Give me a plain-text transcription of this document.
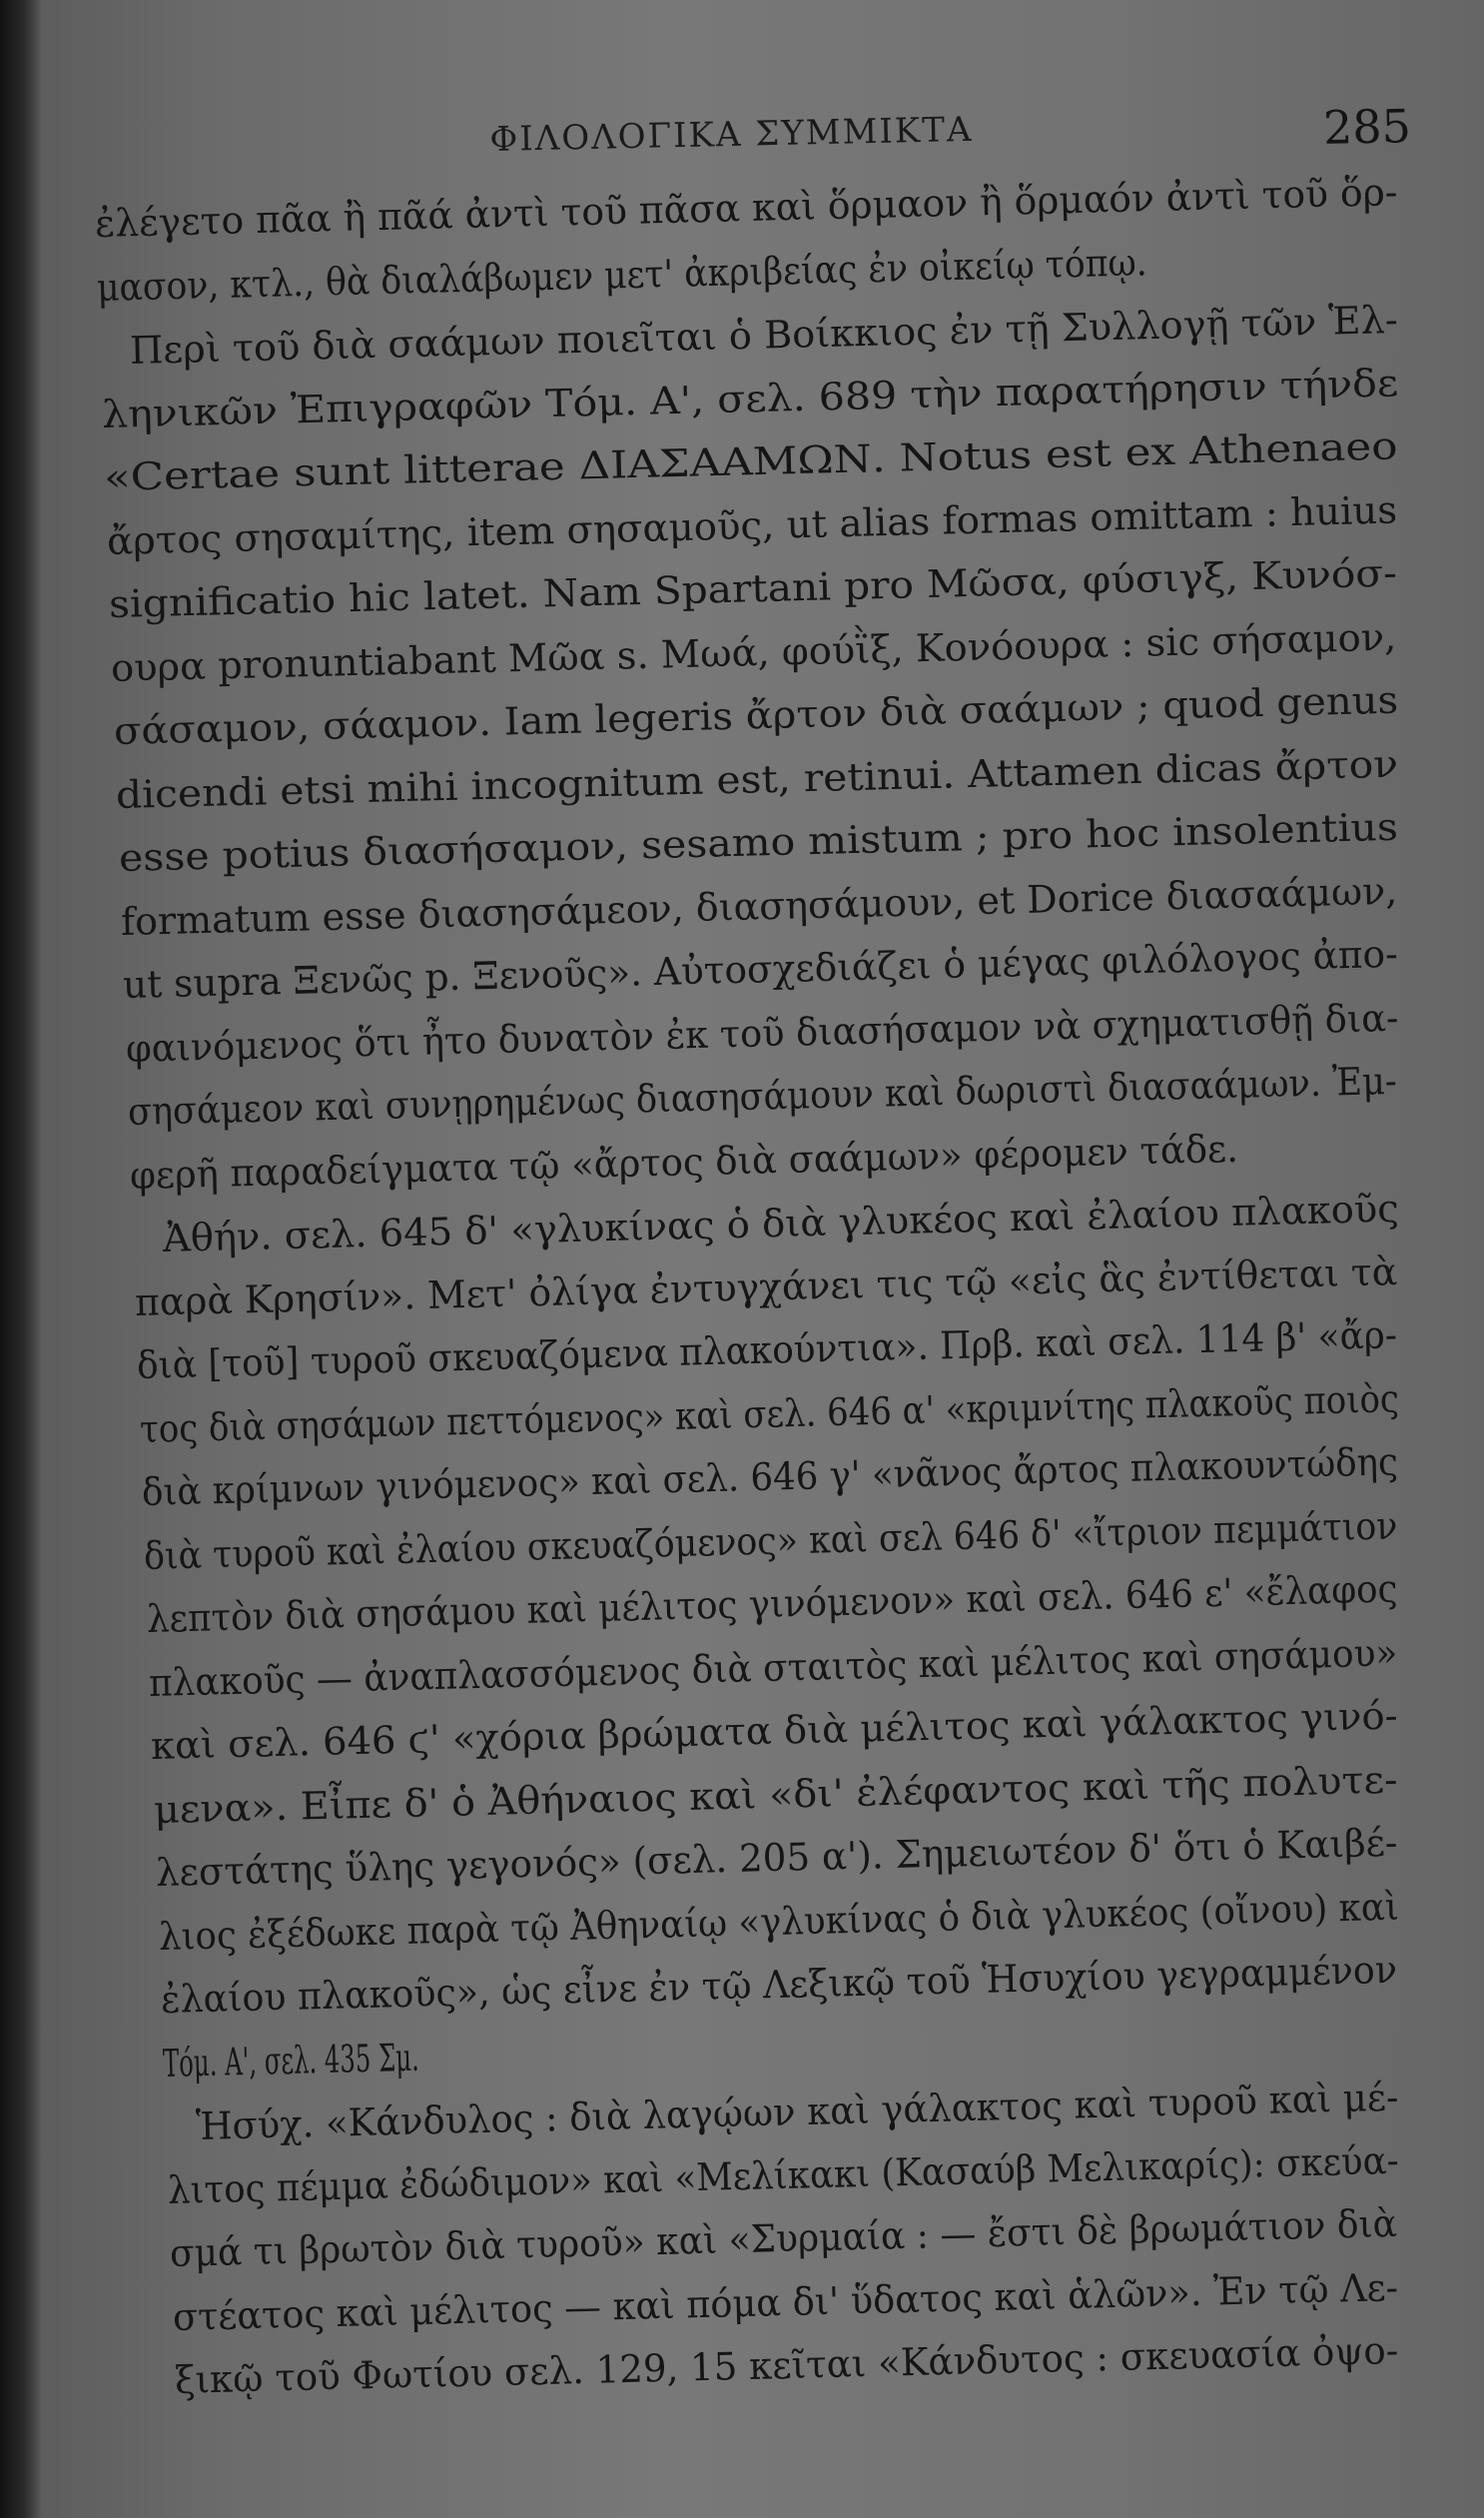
ΦΙΛΟΛΟΓΙΚΑ ΣΥΜΜΙΚΤΑ	285
ἐλέγετο πᾶα ἢ πᾶά ἀντὶ τοῦ πᾶσα καὶ ὅρμαον ἢ ὅρμαόν ἀντὶ τοῦ ὅρ-
μασον, κτλ., θὰ διαλάβωμεν μετ' ἀκριβείας ἐν οἰκείῳ τόπῳ.
Περὶ τοῦ διὰ σαάμων ποιεῖται ὁ Βοίκκιος ἐν τῇ Συλλογῇ τῶν Ἑλ-
ληνικῶν Ἐπιγραφῶν Τόμ. Α', σελ. 689 τὴν παρατήρησιν τήνδε
«Certae sunt litterae ΔΙΑΣΑΑΜΩΝ. Notus est ex Athenaeo
ἄρτος σησαμίτης, item σησαμοῦς, ut alias formas omittam : huius
significatio hic latet. Nam Spartani pro Μῶσα, φύσιγξ, Κυνόσ-
ουρα pronuntiabant Μῶα s. Μωά, φούῒξ, Κονόουρα : sic σήσαμον,
σάσαμον, σάαμον. Iam legeris ἄρτον διὰ σαάμων ; quod genus
dicendi etsi mihi incognitum est, retinui. Attamen dicas ἄρτον
esse potius διασήσαμον, sesamo mistum ; pro hoc insolentius
formatum esse διασησάμεον, διασησάμουν, et Dorice διασαάμων,
ut supra Ξενῶς p. Ξενοῦς». Αὐτοσχεδιάζει ὁ μέγας φιλόλογος ἀπο-
φαινόμενος ὅτι ἦτο δυνατὸν ἐκ τοῦ διασήσαμον νὰ σχηματισθῇ δια-
σησάμεον καὶ συνῃρημένως διασησάμουν καὶ δωριστὶ διασαάμων. Ἐμ-
φερῆ παραδείγματα τῷ «ἄρτος διὰ σαάμων» φέρομεν τάδε.
Ἀθήν. σελ. 645 δ' «γλυκίνας ὁ διὰ γλυκέος καὶ ἐλαίου πλακοῦς
παρὰ Κρησίν». Μετ' ὀλίγα ἐντυγχάνει τις τῷ «εἰς ἃς ἐντίθεται τὰ
διὰ [τοῦ] τυροῦ σκευαζόμενα πλακούντια». Πρβ. καὶ σελ. 114 β' «ἄρ-
τος διὰ σησάμων πεττόμενος» καὶ σελ. 646 α' «κριμνίτης πλακοῦς ποιὸς
διὰ κρίμνων γινόμενος» καὶ σελ. 646 γ' «νᾶνος ἄρτος πλακουντώδης
διὰ τυροῦ καὶ ἐλαίου σκευαζόμενος» καὶ σελ 646 δ' «ἴτριον πεμμάτιον
λεπτὸν διὰ σησάμου καὶ μέλιτος γινόμενον» καὶ σελ. 646 ε' «ἔλαφος
πλακοῦς — ἀναπλασσόμενος διὰ σταιτὸς καὶ μέλιτος καὶ σησάμου»
καὶ σελ. 646 ϛ' «χόρια βρώματα διὰ μέλιτος καὶ γάλακτος γινό-
μενα». Εἶπε δ' ὁ Ἀθήναιος καὶ «δι' ἐλέφαντος καὶ τῆς πολυτε-
λεστάτης ὕλης γεγονός» (σελ. 205 α'). Σημειωτέον δ' ὅτι ὁ Καιβέ-
λιος ἐξέδωκε παρὰ τῷ Ἀθηναίῳ «γλυκίνας ὁ διὰ γλυκέος (οἴνου) καὶ
ἐλαίου πλακοῦς», ὡς εἶνε ἐν τῷ Λεξικῷ τοῦ Ἡσυχίου γεγραμμένον
Τόμ. Α', σελ. 435 Σμ.
Ἡσύχ. «Κάνδυλος : διὰ λαγῴων καὶ γάλακτος καὶ τυροῦ καὶ μέ-
λιτος πέμμα ἐδώδιμον» καὶ «Μελίκακι (Κασαύβ Μελικαρίς): σκεύα-
σμά τι βρωτὸν διὰ τυροῦ» καὶ «Συρμαία : — ἔστι δὲ βρωμάτιον διὰ
στέατος καὶ μέλιτος — καὶ πόμα δι' ὕδατος καὶ ἁλῶν». Ἐν τῷ Λε-
ξικῷ τοῦ Φωτίου σελ. 129, 15 κεῖται «Κάνδυτος : σκευασία ὀψο-
